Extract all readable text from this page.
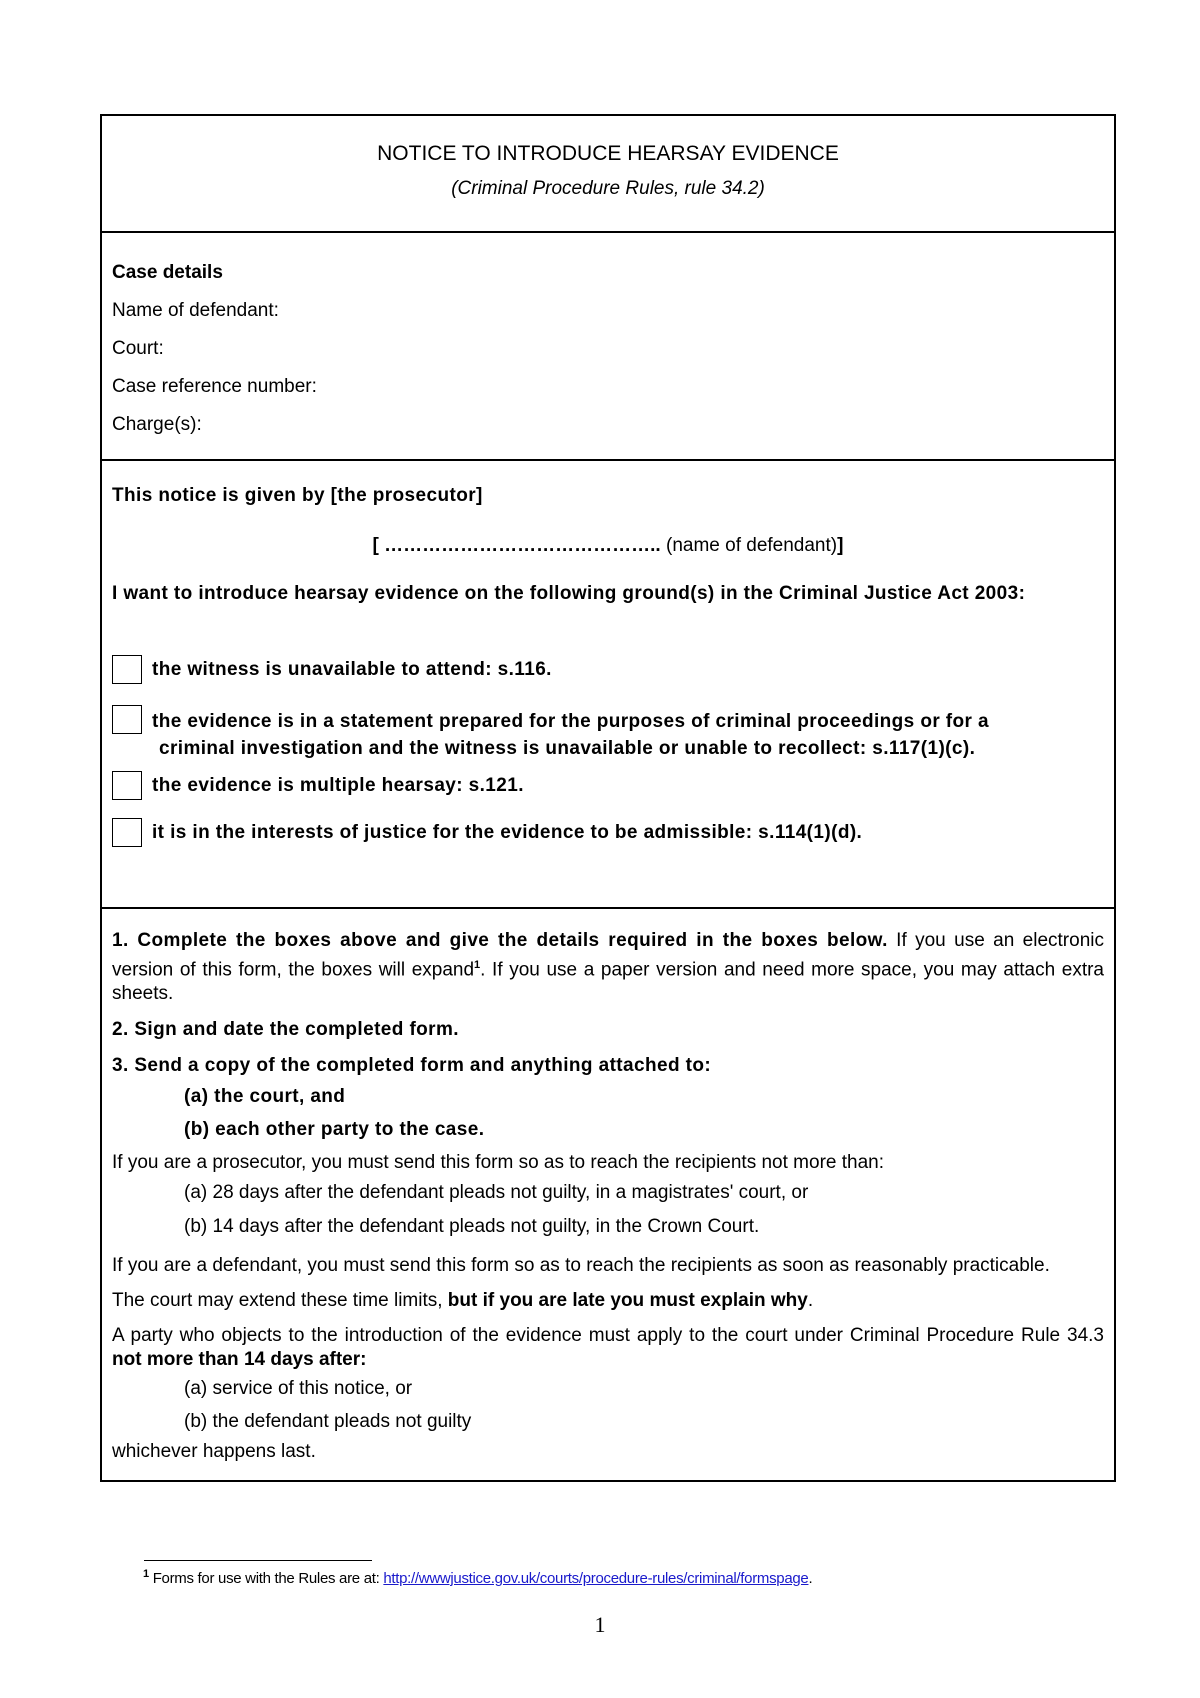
NOTICE TO INTRODUCE HEARSAY EVIDENCE
(Criminal Procedure Rules, rule 34.2)
Case details
Name of defendant:
Court:
Case reference number:
Charge(s):
This notice is given by [the prosecutor]
[ …………………………………….. (name of defendant)]
I want to introduce hearsay evidence on the following ground(s) in the Criminal Justice Act 2003:
the witness is unavailable to attend: s.116.
the evidence is in a statement prepared for the purposes of criminal proceedings or for a
criminal investigation and the witness is unavailable or unable to recollect: s.117(1)(c).
the evidence is multiple hearsay: s.121.
it is in the interests of justice for the evidence to be admissible: s.114(1)(d).
1. Complete the boxes above and give the details required in the boxes below. If you use an electronic version of this form, the boxes will expand$^1$. If you use a paper version and need more space, you may attach extra sheets.
2. Sign and date the completed form.
3. Send a copy of the completed form and anything attached to:
(a) the court, and
(b) each other party to the case.
If you are a prosecutor, you must send this form so as to reach the recipients not more than:
(a) 28 days after the defendant pleads not guilty, in a magistrates' court, or
(b) 14 days after the defendant pleads not guilty, in the Crown Court.
If you are a defendant, you must send this form so as to reach the recipients as soon as reasonably practicable.
The court may extend these time limits, but if you are late you must explain why.
A party who objects to the introduction of the evidence must apply to the court under Criminal Procedure Rule 34.3 not more than 14 days after:
(a) service of this notice, or
(b) the defendant pleads not guilty
whichever happens last.
$^1$ Forms for use with the Rules are at: http://wwwjustice.gov.uk/courts/procedure-rules/criminal/formspage.
1
